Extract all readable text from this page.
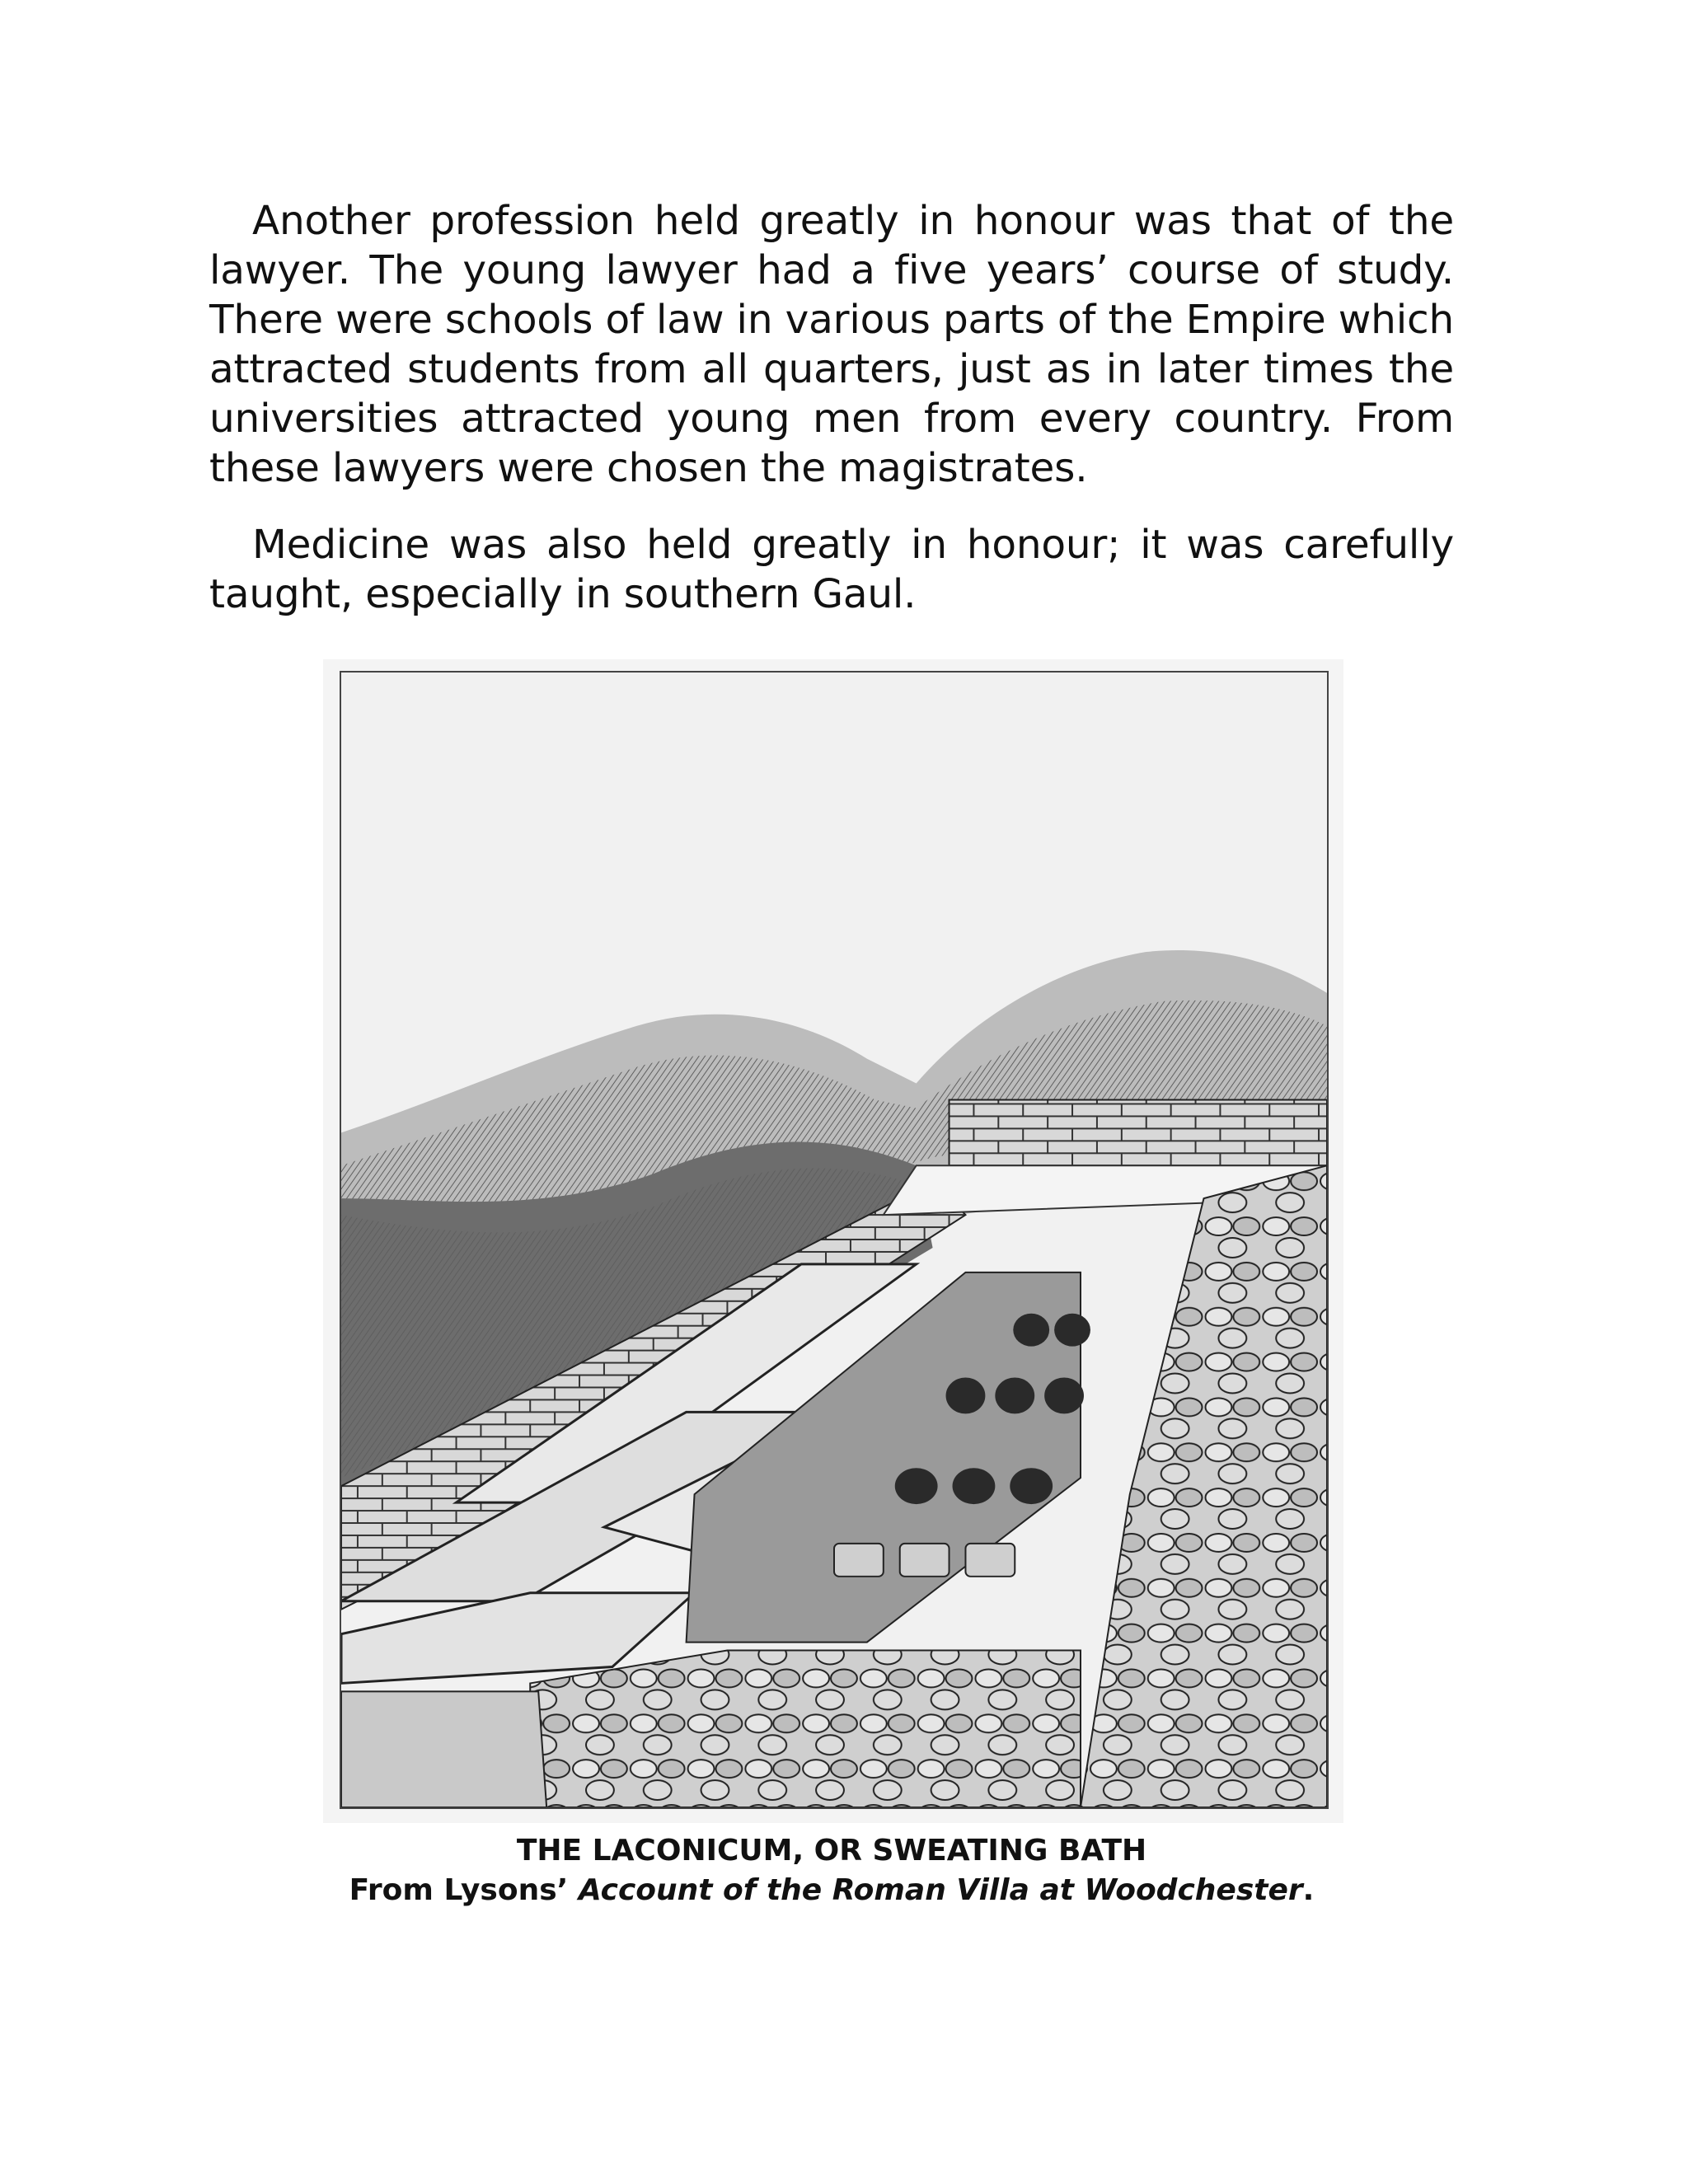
Another profession held greatly in honour was that of the lawyer. The young lawyer had a five years’ course of study. There were schools of law in various parts of the Empire which attracted students from all quarters, just as in later times the universities attracted young men from every country. From these lawyers were chosen the magistrates.

Medicine was also held greatly in honour; it was carefully taught, especially in southern Gaul.

THE LACONICUM, OR SWEATING BATH
From Lysons’ Account of the Roman Villa at Woodchester.
